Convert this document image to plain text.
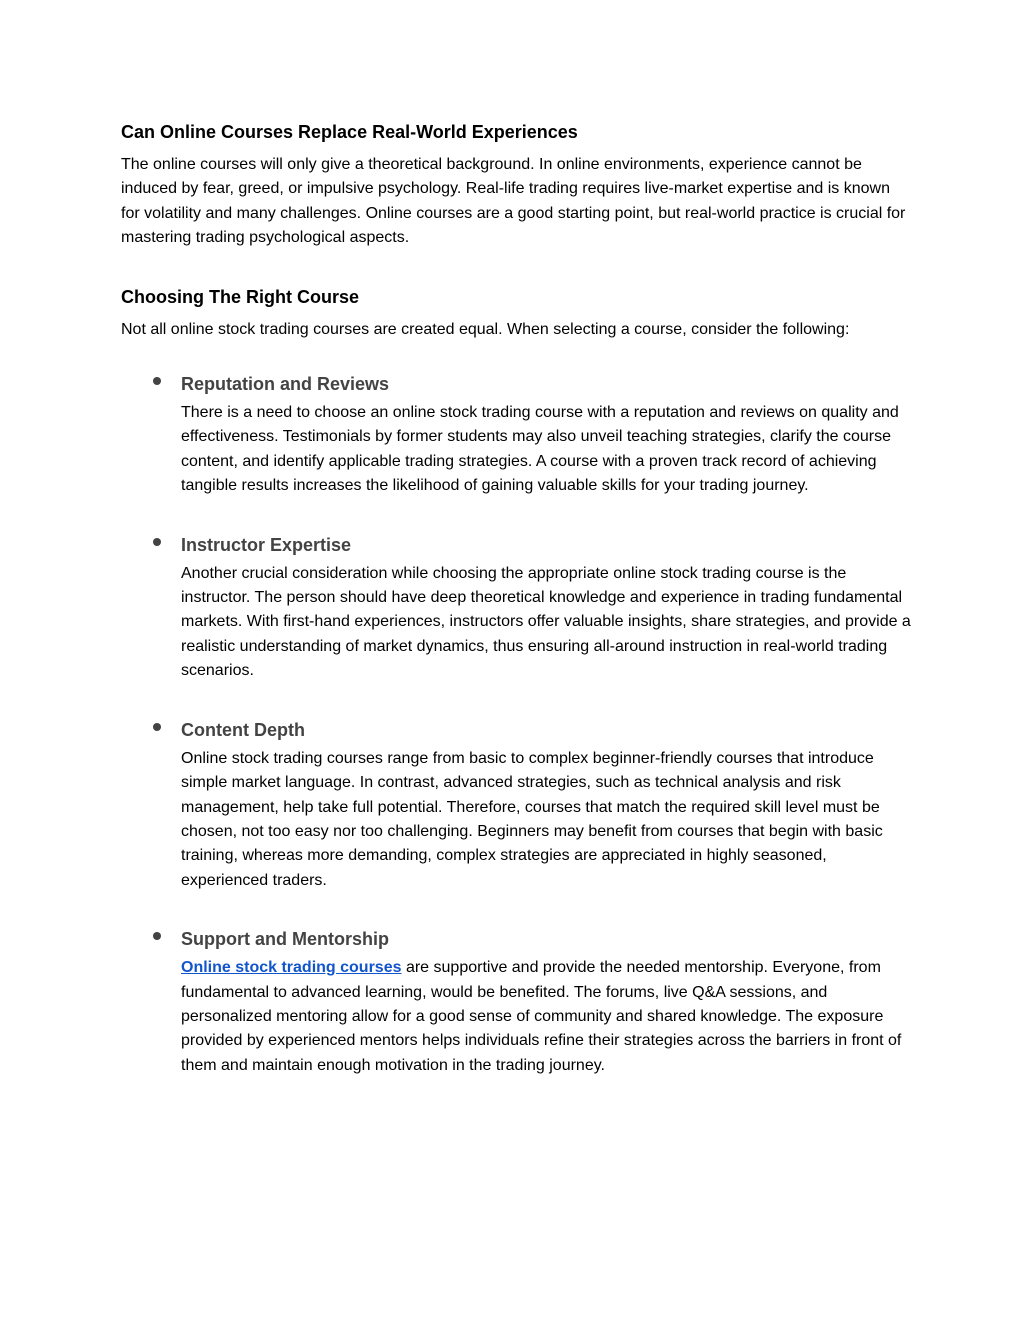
Can Online Courses Replace Real-World Experiences

The online courses will only give a theoretical background. In online environments, experience cannot be induced by fear, greed, or impulsive psychology. Real-life trading requires live-market expertise and is known for volatility and many challenges. Online courses are a good starting point, but real-world practice is crucial for mastering trading psychological aspects.

Choosing The Right Course

Not all online stock trading courses are created equal. When selecting a course, consider the following:

Reputation and Reviews

There is a need to choose an online stock trading course with a reputation and reviews on quality and effectiveness. Testimonials by former students may also unveil teaching strategies, clarify the course content, and identify applicable trading strategies. A course with a proven track record of achieving tangible results increases the likelihood of gaining valuable skills for your trading journey.

Instructor Expertise

Another crucial consideration while choosing the appropriate online stock trading course is the instructor. The person should have deep theoretical knowledge and experience in trading fundamental markets. With first-hand experiences, instructors offer valuable insights, share strategies, and provide a realistic understanding of market dynamics, thus ensuring all-around instruction in real-world trading scenarios.

Content Depth

Online stock trading courses range from basic to complex beginner-friendly courses that introduce simple market language. In contrast, advanced strategies, such as technical analysis and risk management, help take full potential. Therefore, courses that match the required skill level must be chosen, not too easy nor too challenging. Beginners may benefit from courses that begin with basic training, whereas more demanding, complex strategies are appreciated in highly seasoned, experienced traders.

Support and Mentorship

Online stock trading courses are supportive and provide the needed mentorship. Everyone, from fundamental to advanced learning, would be benefited. The forums, live Q&A sessions, and personalized mentoring allow for a good sense of community and shared knowledge. The exposure provided by experienced mentors helps individuals refine their strategies across the barriers in front of them and maintain enough motivation in the trading journey.
